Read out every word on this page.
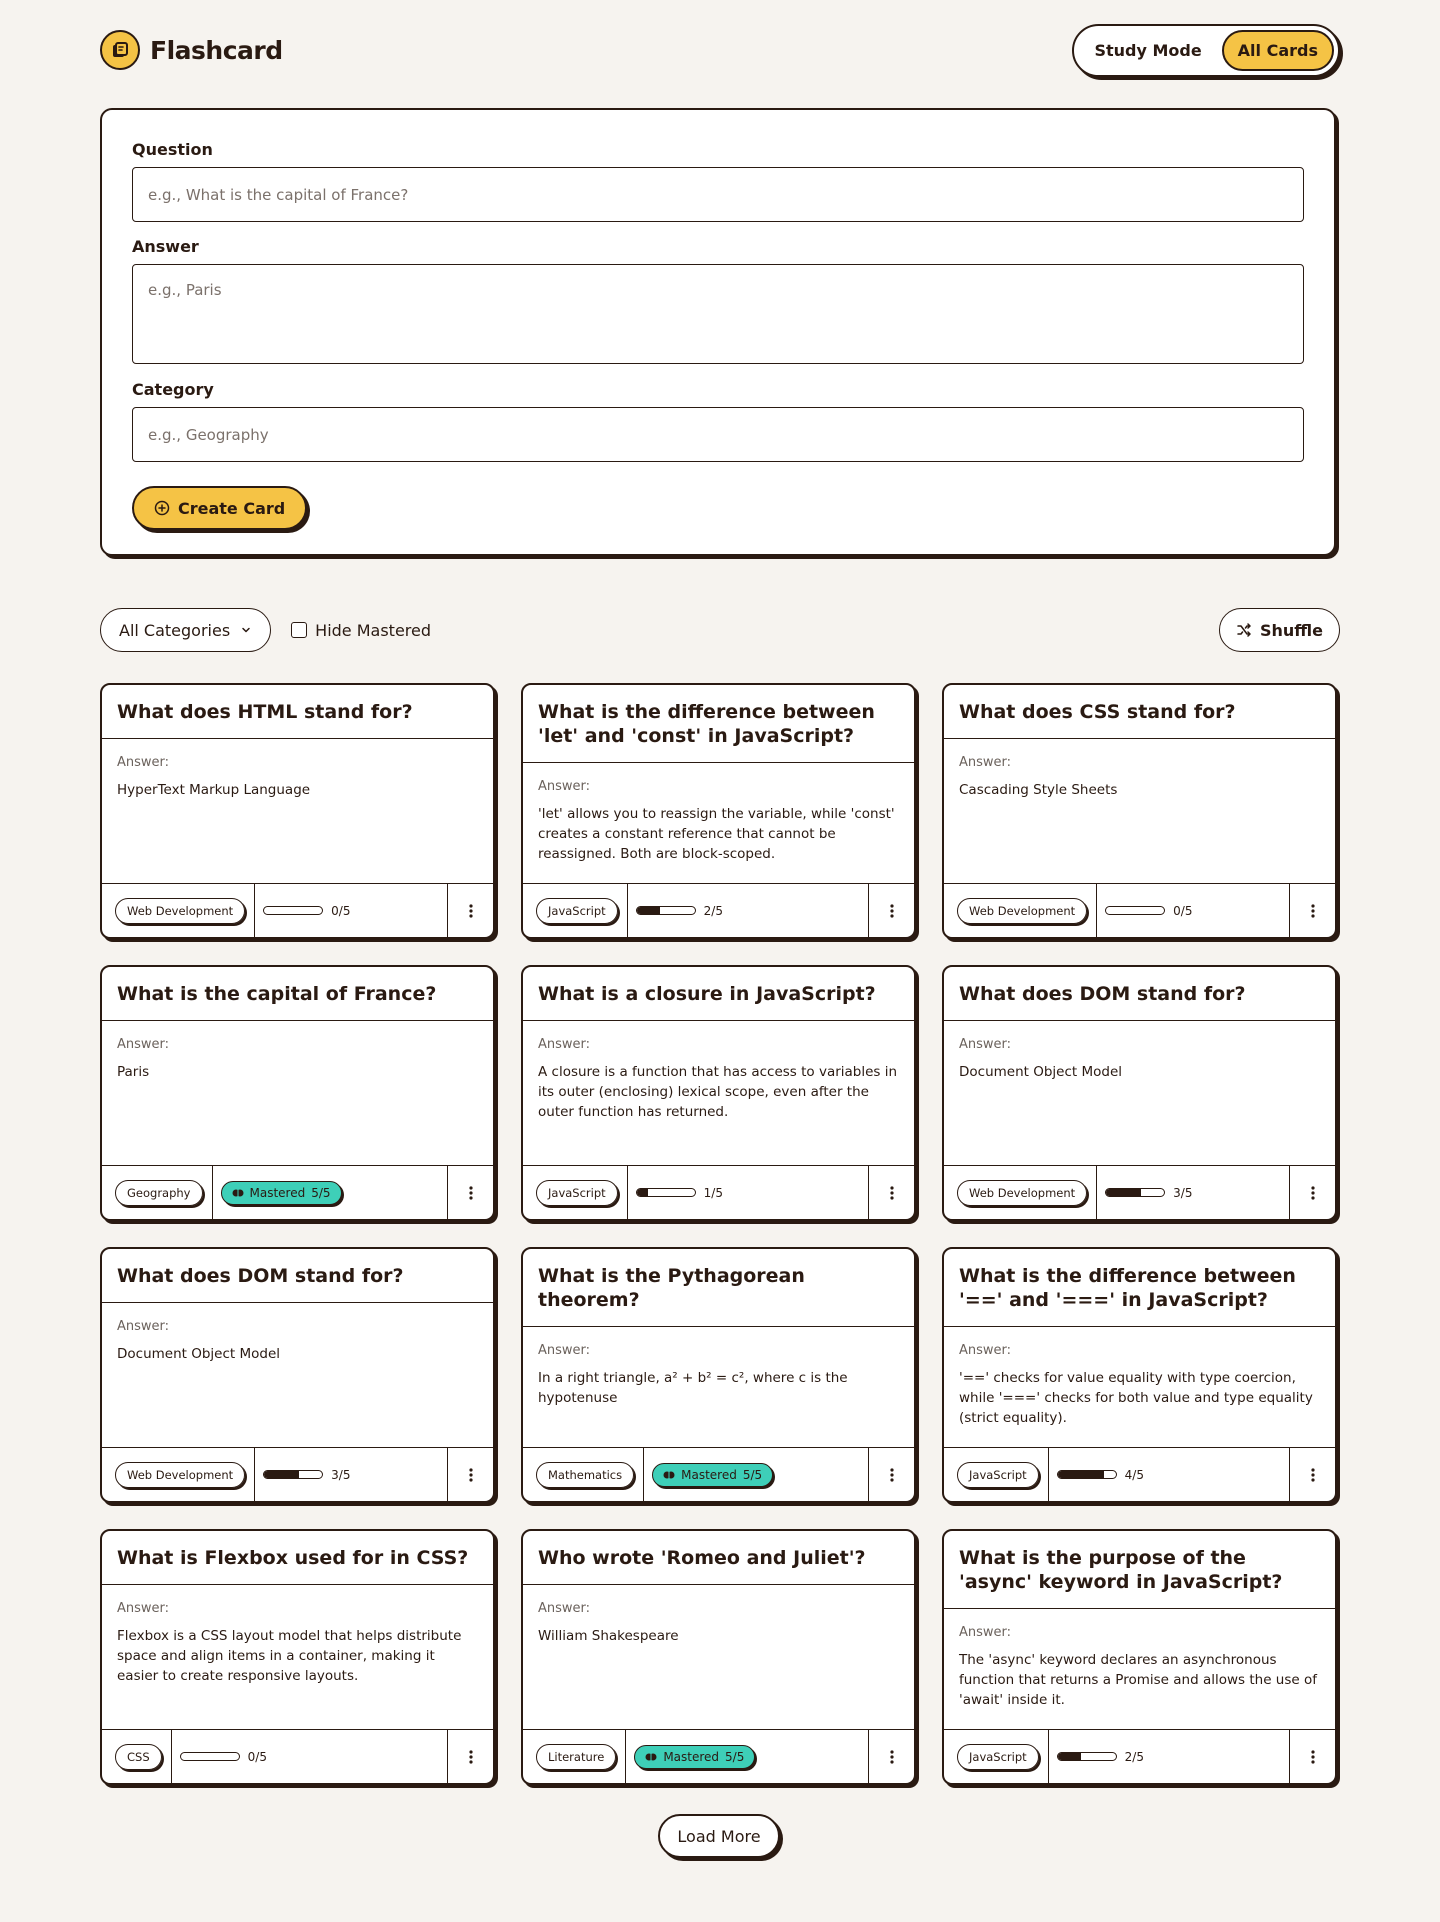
Flashcard	Study Mode	All Cards
Question
e.g., What is the capital of France?
Answer
e.g., Paris
Category
e.g., Geography
Create Card
All Categories	Hide Mastered	Shuffle
What does HTML stand for?
Answer:
HyperText Markup Language
Web Development	0/5
What is the difference between 'let' and 'const' in JavaScript?
Answer:
'let' allows you to reassign the variable, while 'const' creates a constant reference that cannot be reassigned. Both are block-scoped.
JavaScript	2/5
What does CSS stand for?
Answer:
Cascading Style Sheets
Web Development	0/5
What is the capital of France?
Answer:
Paris
Geography	Mastered 5/5
What is a closure in JavaScript?
Answer:
A closure is a function that has access to variables in its outer (enclosing) lexical scope, even after the outer function has returned.
JavaScript	1/5
What does DOM stand for?
Answer:
Document Object Model
Web Development	3/5
What does DOM stand for?
Answer:
Document Object Model
Web Development	3/5
What is the Pythagorean theorem?
Answer:
In a right triangle, a² + b² = c², where c is the hypotenuse
Mathematics	Mastered 5/5
What is the difference between '==' and '===' in JavaScript?
Answer:
'==' checks for value equality with type coercion, while '===' checks for both value and type equality (strict equality).
JavaScript	4/5
What is Flexbox used for in CSS?
Answer:
Flexbox is a CSS layout model that helps distribute space and align items in a container, making it easier to create responsive layouts.
CSS	0/5
Who wrote 'Romeo and Juliet'?
Answer:
William Shakespeare
Literature	Mastered 5/5
What is the purpose of the 'async' keyword in JavaScript?
Answer:
The 'async' keyword declares an asynchronous function that returns a Promise and allows the use of 'await' inside it.
JavaScript	2/5
Load More
